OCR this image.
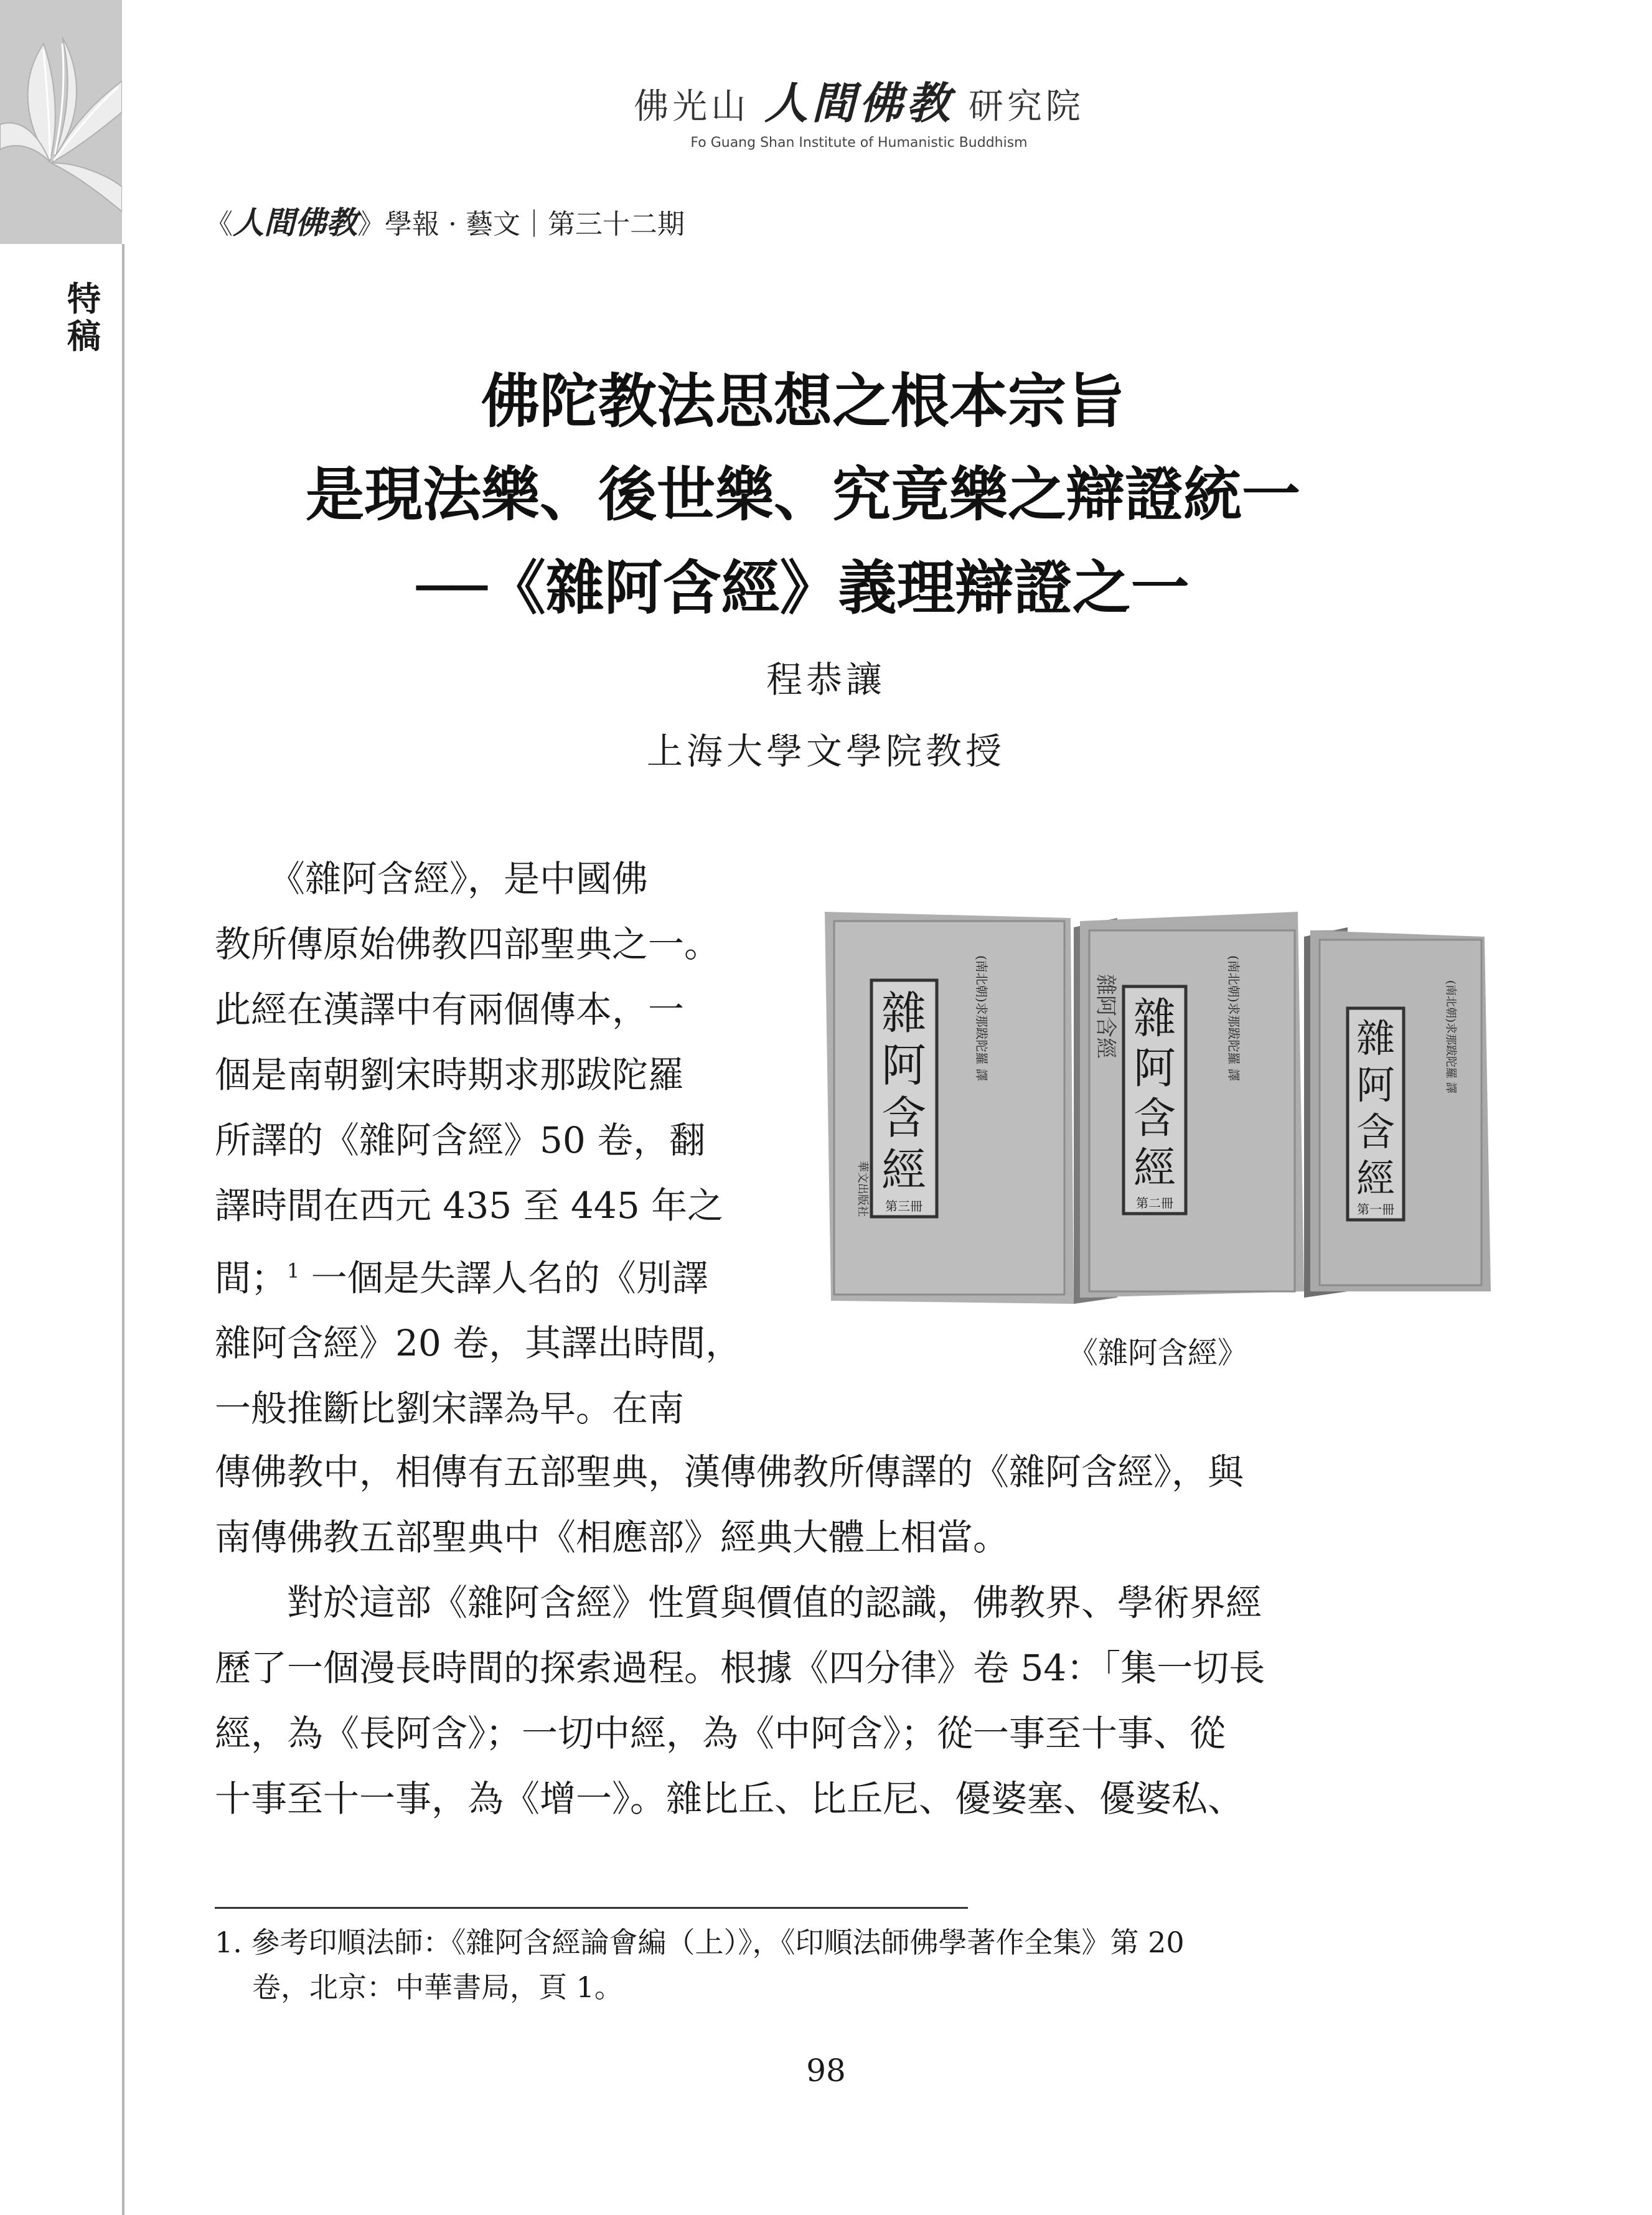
特稿
佛光山 人間佛教 研究院
Fo Guang Shan Institute of Humanistic Buddhism
《人間佛教》學報 · 藝文｜第三十二期
佛陀教法思想之根本宗旨
是現法樂、後世樂、究竟樂之辯證統一
──《雜阿含經》義理辯證之一
程恭讓
上海大學文學院教授
　　《雜阿含經》，是中國佛
教所傳原始佛教四部聖典之一。
此經在漢譯中有兩個傳本，一
個是南朝劉宋時期求那跋陀羅
所譯的《雜阿含經》50 卷，翻
譯時間在西元 435 至 445 年之
間；$^1$ 一個是失譯人名的《別譯
雜阿含經》20 卷，其譯出時間，
一般推斷比劉宋譯為早。在南
雜
阿
含
經
第一冊
(南北朝)求那跋陀羅 譯
雜
阿
含
經
第二冊
(南北朝)求那跋陀羅 譯
雜阿含經
雜
阿
含
經
第三冊
(南北朝)求那跋陀羅 譯
華文出版社
《雜阿含經》
傳佛教中，相傳有五部聖典，漢傳佛教所傳譯的《雜阿含經》，與
南傳佛教五部聖典中《相應部》經典大體上相當。
　　對於這部《雜阿含經》性質與價值的認識，佛教界、學術界經
歷了一個漫長時間的探索過程。根據《四分律》卷 54：「集一切長
經，為《長阿含》；一切中經，為《中阿含》；從一事至十事、從
十事至十一事，為《增一》。雜比丘、比丘尼、優婆塞、優婆私、
1. 參考印順法師：《雜阿含經論會編（上）》，《印順法師佛學著作全集》第 20
卷，北京：中華書局，頁 1。
98
